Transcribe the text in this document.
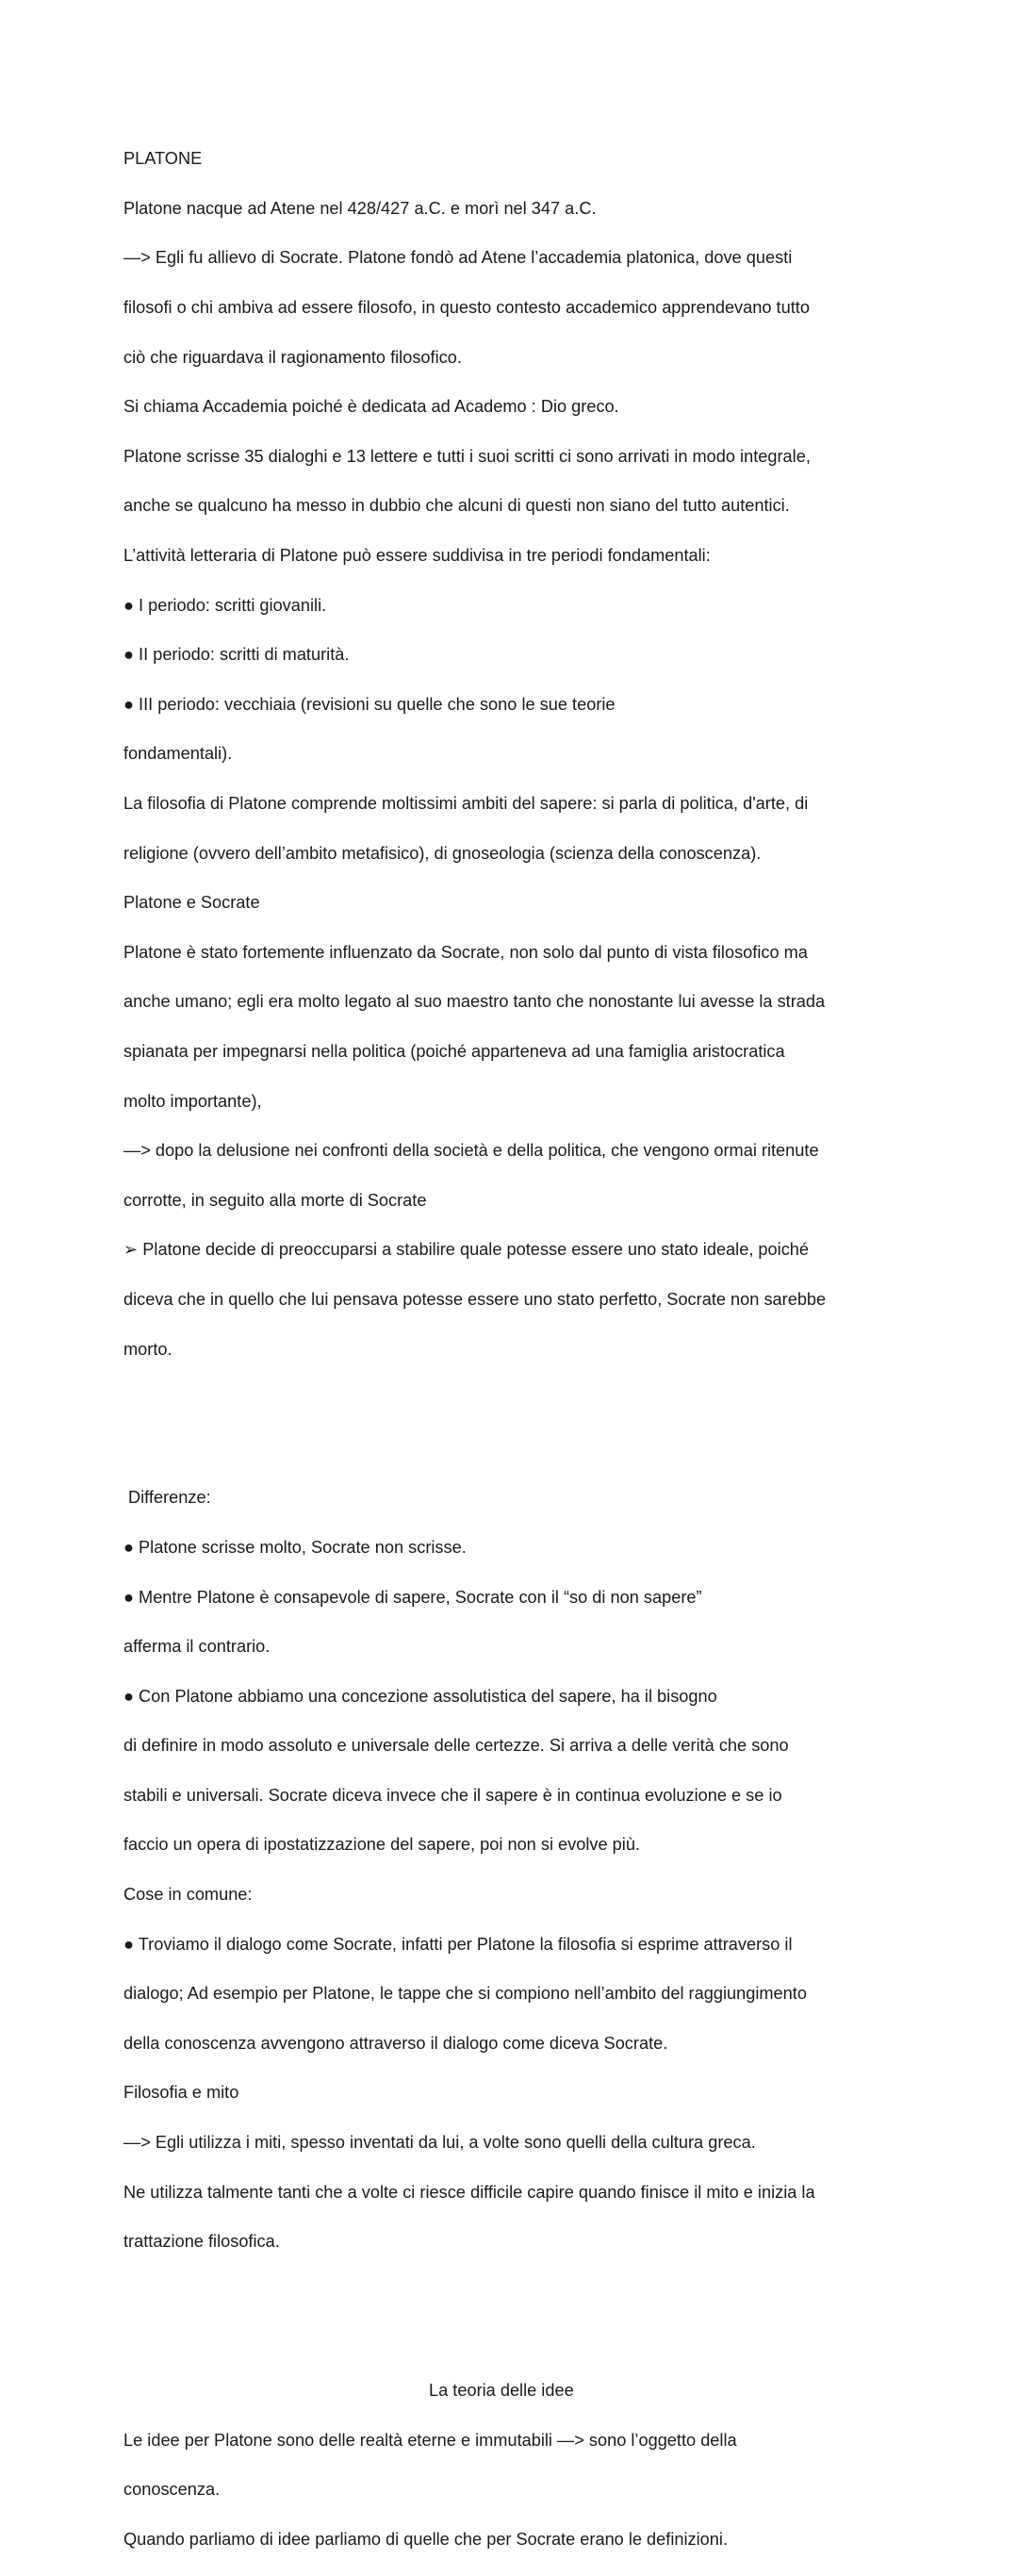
PLATONE

Platone nacque ad Atene nel 428/427 a.C. e morì nel 347 a.C.

—> Egli fu allievo di Socrate. Platone fondò ad Atene l’accademia platonica, dove questi

filosofi o chi ambiva ad essere filosofo, in questo contesto accademico apprendevano tutto

ciò che riguardava il ragionamento filosofico.

Si chiama Accademia poiché è dedicata ad Academo : Dio greco.

Platone scrisse 35 dialoghi e 13 lettere e tutti i suoi scritti ci sono arrivati in modo integrale,

anche se qualcuno ha messo in dubbio che alcuni di questi non siano del tutto autentici.

L’attività letteraria di Platone può essere suddivisa in tre periodi fondamentali:

● I periodo: scritti giovanili.

● II periodo: scritti di maturità.

● III periodo: vecchiaia (revisioni su quelle che sono le sue teorie

fondamentali).

La filosofia di Platone comprende moltissimi ambiti del sapere: si parla di politica, d'arte, di

religione (ovvero dell’ambito metafisico), di gnoseologia (scienza della conoscenza).

Platone e Socrate

Platone è stato fortemente influenzato da Socrate, non solo dal punto di vista filosofico ma

anche umano; egli era molto legato al suo maestro tanto che nonostante lui avesse la strada

spianata per impegnarsi nella politica (poiché apparteneva ad una famiglia aristocratica

molto importante),

—> dopo la delusione nei confronti della società e della politica, che vengono ormai ritenute

corrotte, in seguito alla morte di Socrate

➢ Platone decide di preoccuparsi a stabilire quale potesse essere uno stato ideale, poiché

diceva che in quello che lui pensava potesse essere uno stato perfetto, Socrate non sarebbe

morto.

Differenze:

● Platone scrisse molto, Socrate non scrisse.

● Mentre Platone è consapevole di sapere, Socrate con il “so di non sapere”

afferma il contrario.

● Con Platone abbiamo una concezione assolutistica del sapere, ha il bisogno

di definire in modo assoluto e universale delle certezze. Si arriva a delle verità che sono

stabili e universali. Socrate diceva invece che il sapere è in continua evoluzione e se io

faccio un opera di ipostatizzazione del sapere, poi non si evolve più.

Cose in comune:

● Troviamo il dialogo come Socrate, infatti per Platone la filosofia si esprime attraverso il

dialogo; Ad esempio per Platone, le tappe che si compiono nell’ambito del raggiungimento

della conoscenza avvengono attraverso il dialogo come diceva Socrate.

Filosofia e mito

—> Egli utilizza i miti, spesso inventati da lui, a volte sono quelli della cultura greca.

Ne utilizza talmente tanti che a volte ci riesce difficile capire quando finisce il mito e inizia la

trattazione filosofica.

La teoria delle idee

Le idee per Platone sono delle realtà eterne e immutabili —> sono l’oggetto della

conoscenza.

Quando parliamo di idee parliamo di quelle che per Socrate erano le definizioni.
